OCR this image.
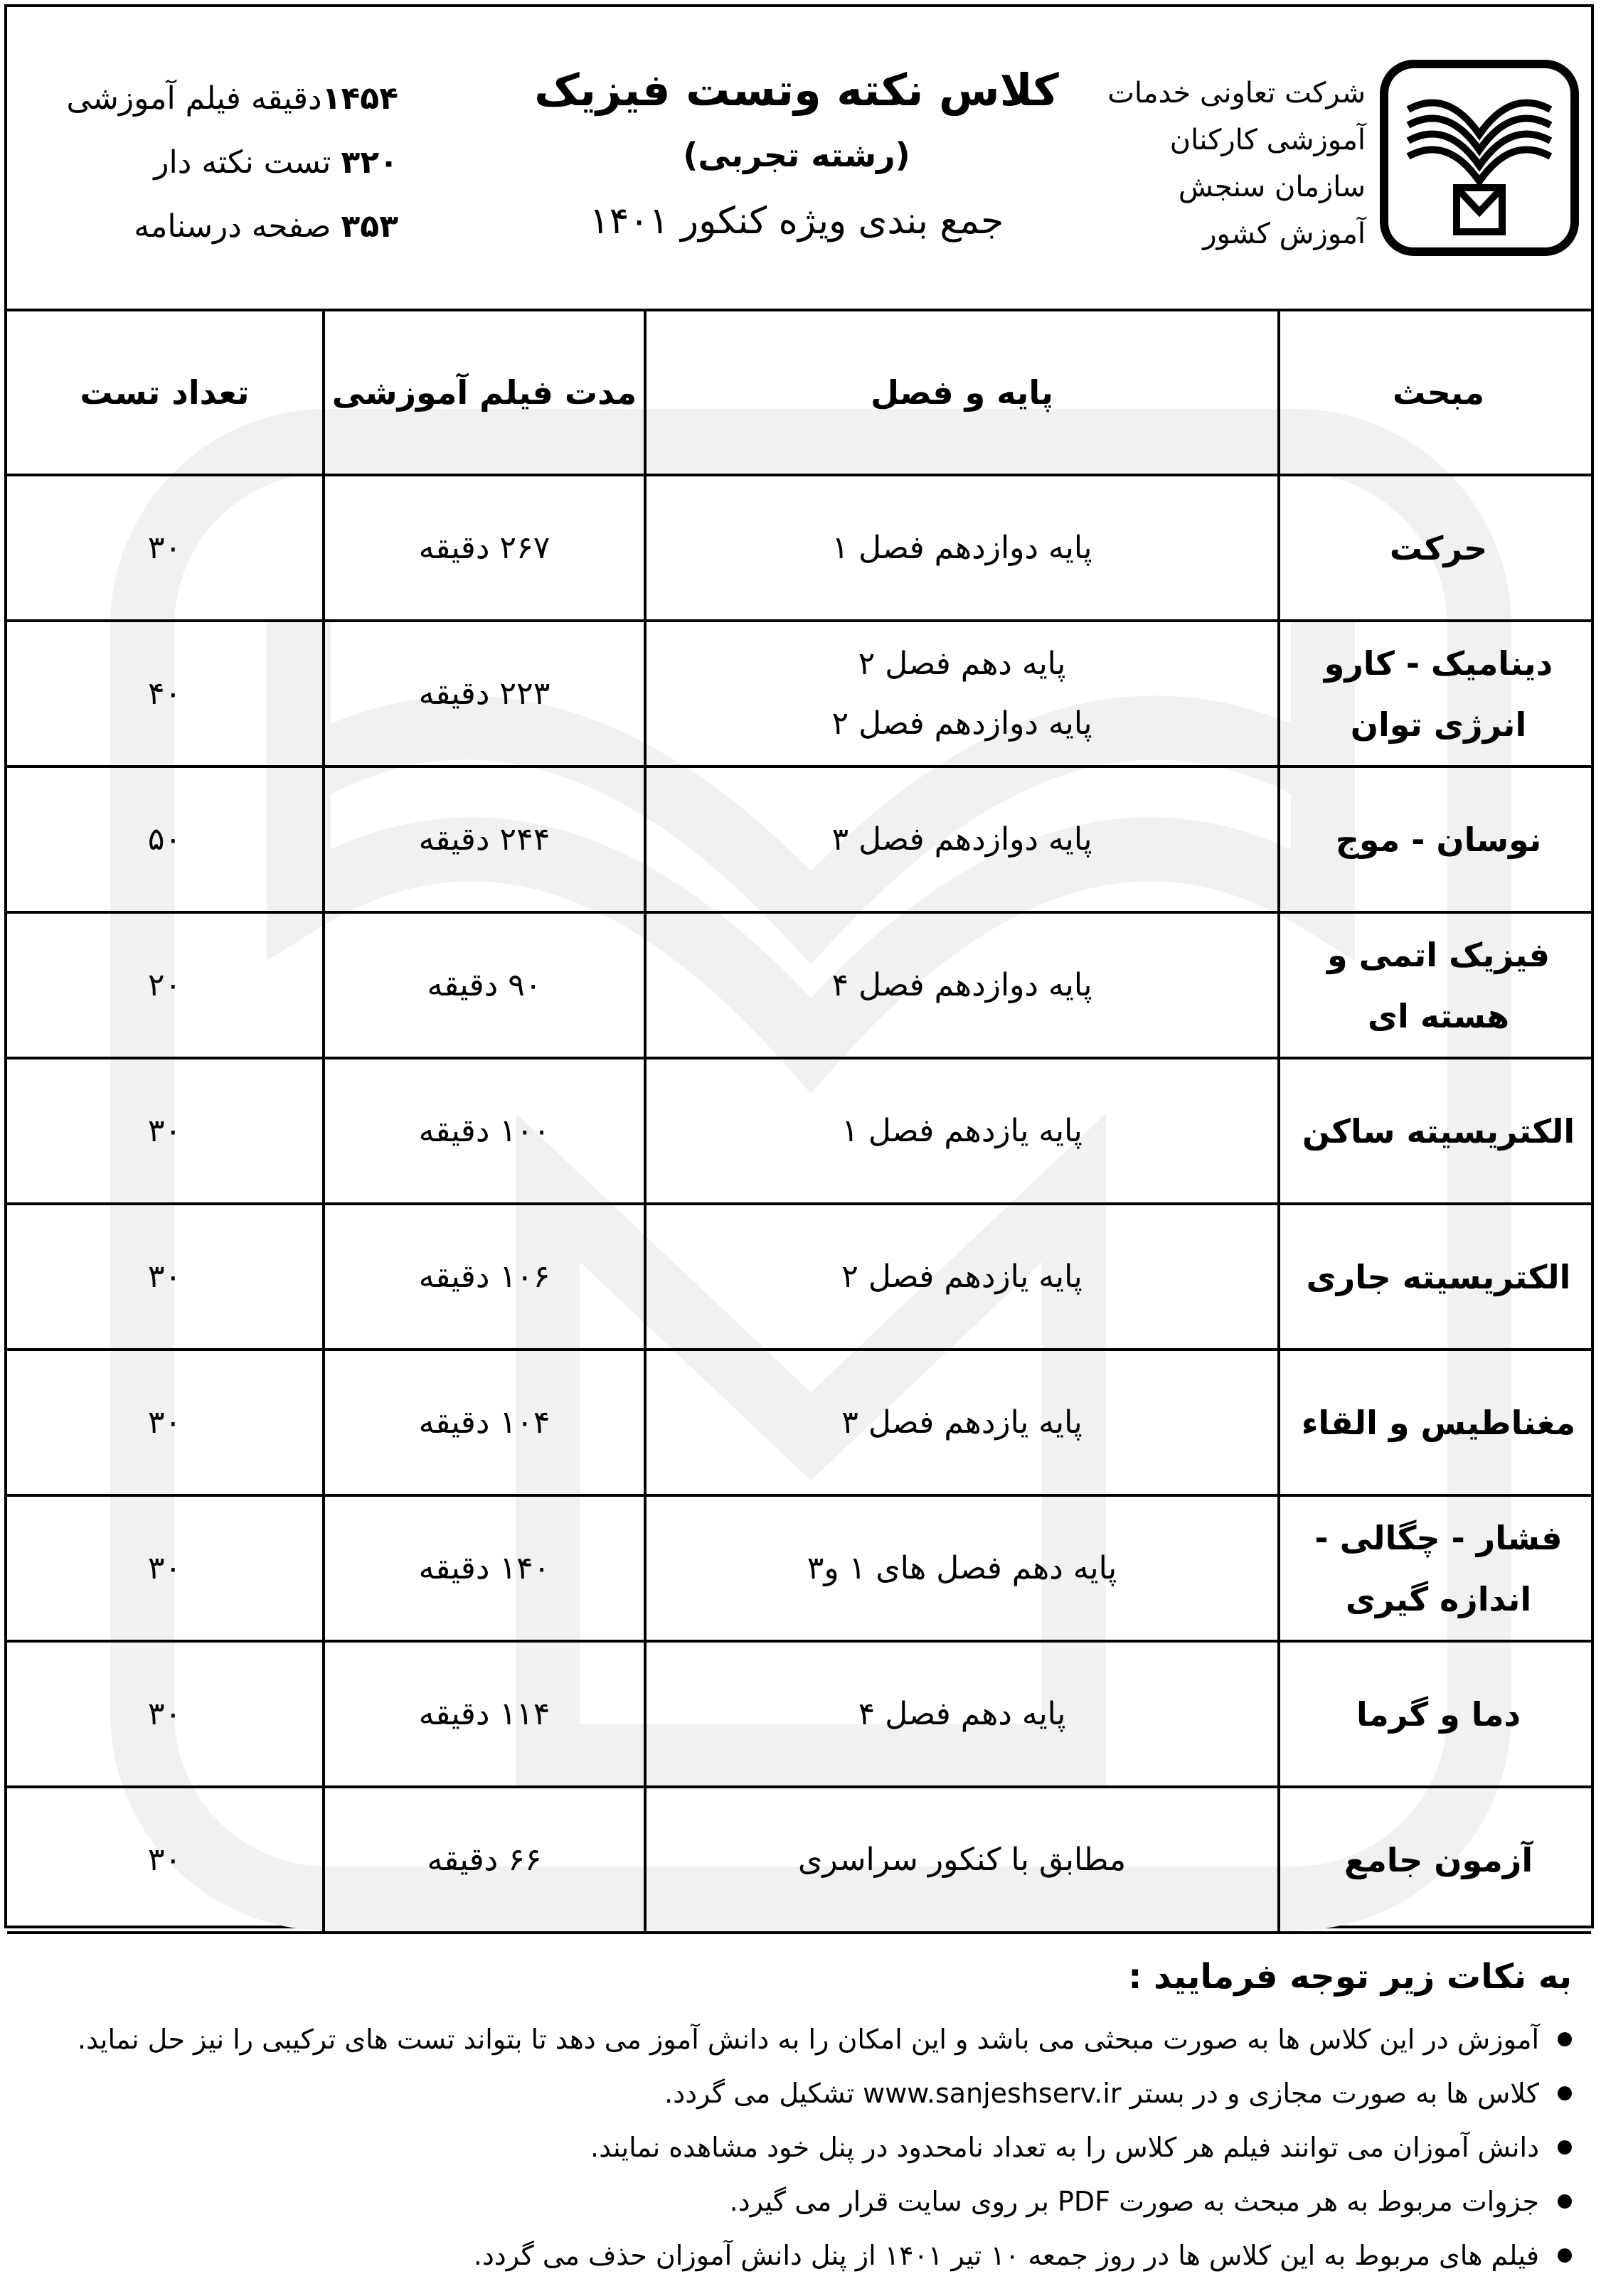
شرکت تعاونی خدمات
آموزشی کارکنان
سازمان سنجش
آموزش کشور
کلاس نکته وتست فیزیک
(رشته تجربی)
جمع بندی ویژه کنکور ۱۴۰۱
۱۴۵۴دقیقه فیلم آموزشی
۳۲۰ تست نکته دار
۳۵۳ صفحه درسنامه
مبحث
پایه و فصل
مدت فیلم آموزشی
تعداد تست
حرکت
پایه دوازدهم فصل ۱
۲۶۷ دقیقه
۳۰
دینامیک - کارو انرژی توان
پایه دهم فصل ۲
پایه دوازدهم فصل ۲
۲۲۳ دقیقه
۴۰
نوسان - موج
پایه دوازدهم فصل ۳
۲۴۴ دقیقه
۵۰
فیزیک اتمی و هسته ای
پایه دوازدهم فصل ۴
۹۰ دقیقه
۲۰
الکتریسیته ساکن
پایه یازدهم فصل ۱
۱۰۰ دقیقه
۳۰
الکتریسیته جاری
پایه یازدهم فصل ۲
۱۰۶ دقیقه
۳۰
مغناطیس و القاء
پایه یازدهم فصل ۳
۱۰۴ دقیقه
۳۰
فشار - چگالی - اندازه گیری
پایه دهم فصل های ۱ و۳
۱۴۰ دقیقه
۳۰
دما و گرما
پایه دهم فصل ۴
۱۱۴ دقیقه
۳۰
آزمون جامع
مطابق با کنکور سراسری
۶۶ دقیقه
۳۰
به نکات زیر توجه فرمایید :
آموزش در این کلاس ها به صورت مبحثی می باشد و این امکان را به دانش آموز می دهد تا بتواند تست های ترکیبی را نیز حل نماید.
کلاس ها به صورت مجازی و در بستر www.sanjeshserv.ir تشکیل می گردد.
دانش آموزان می توانند فیلم هر کلاس را به تعداد نامحدود در پنل خود مشاهده نمایند.
جزوات مربوط به هر مبحث به صورت PDF بر روی سایت قرار می گیرد.
فیلم های مربوط به این کلاس ها در روز جمعه ۱۰ تیر ۱۴۰۱ از پنل دانش آموزان حذف می گردد.
